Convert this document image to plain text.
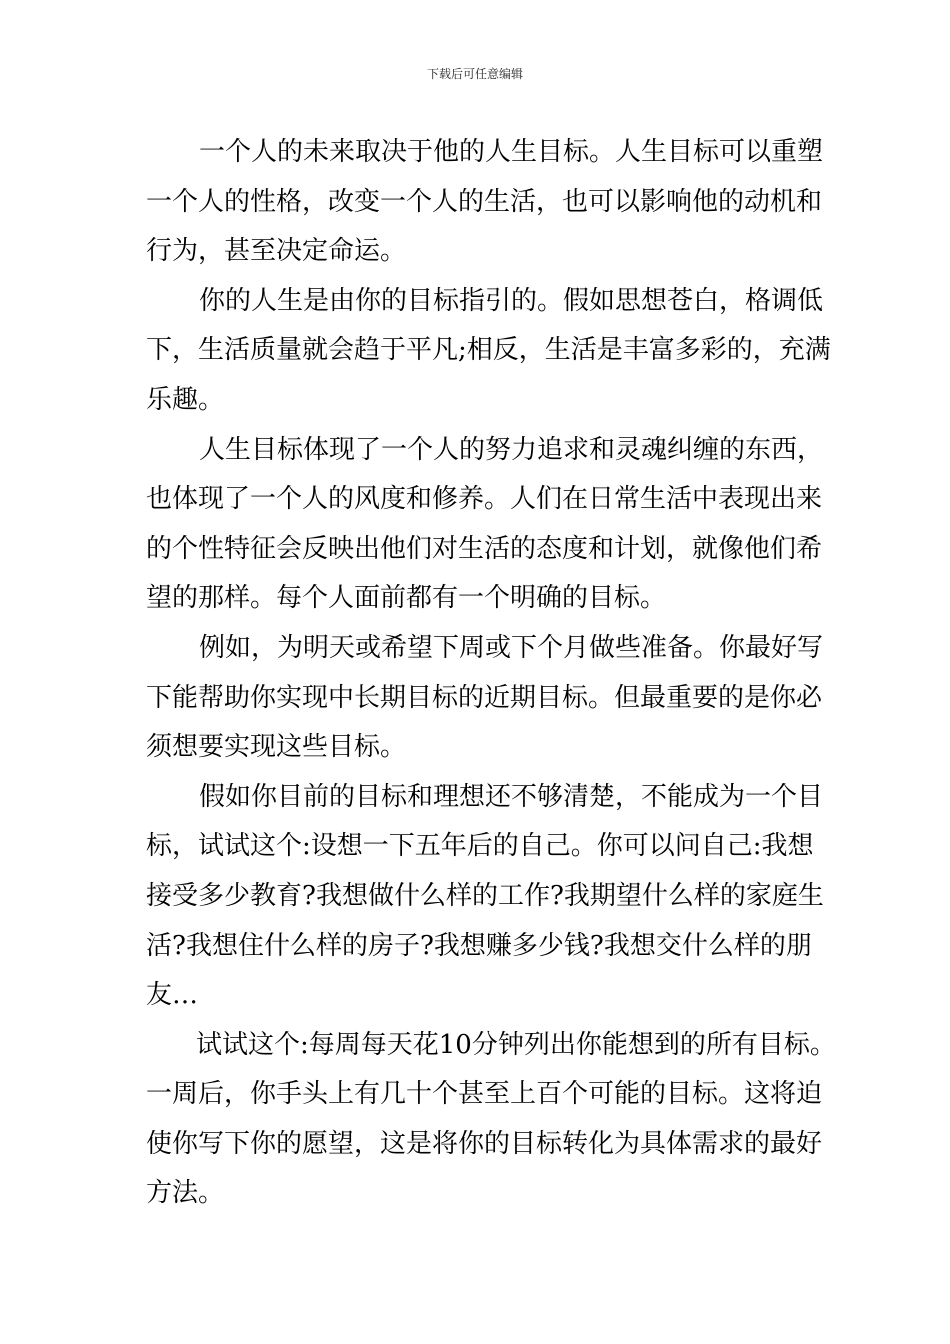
下载后可任意编辑

一个人的未来取决于他的人生目标。人生目标可以重塑一个人的性格，改变一个人的生活，也可以影响他的动机和行为，甚至决定命运。

你的人生是由你的目标指引的。假如思想苍白，格调低下，生活质量就会趋于平凡;相反，生活是丰富多彩的，充满乐趣。

人生目标体现了一个人的努力追求和灵魂纠缠的东西，也体现了一个人的风度和修养。人们在日常生活中表现出来的个性特征会反映出他们对生活的态度和计划，就像他们希望的那样。每个人面前都有一个明确的目标。

例如，为明天或希望下周或下个月做些准备。你最好写下能帮助你实现中长期目标的近期目标。但最重要的是你必须想要实现这些目标。

假如你目前的目标和理想还不够清楚，不能成为一个目标，试试这个:设想一下五年后的自己。你可以问自己:我想接受多少教育?我想做什么样的工作?我期望什么样的家庭生活?我想住什么样的房子?我想赚多少钱?我想交什么样的朋友…

试试这个:每周每天花10分钟列出你能想到的所有目标。一周后，你手头上有几十个甚至上百个可能的目标。这将迫使你写下你的愿望，这是将你的目标转化为具体需求的最好方法。
